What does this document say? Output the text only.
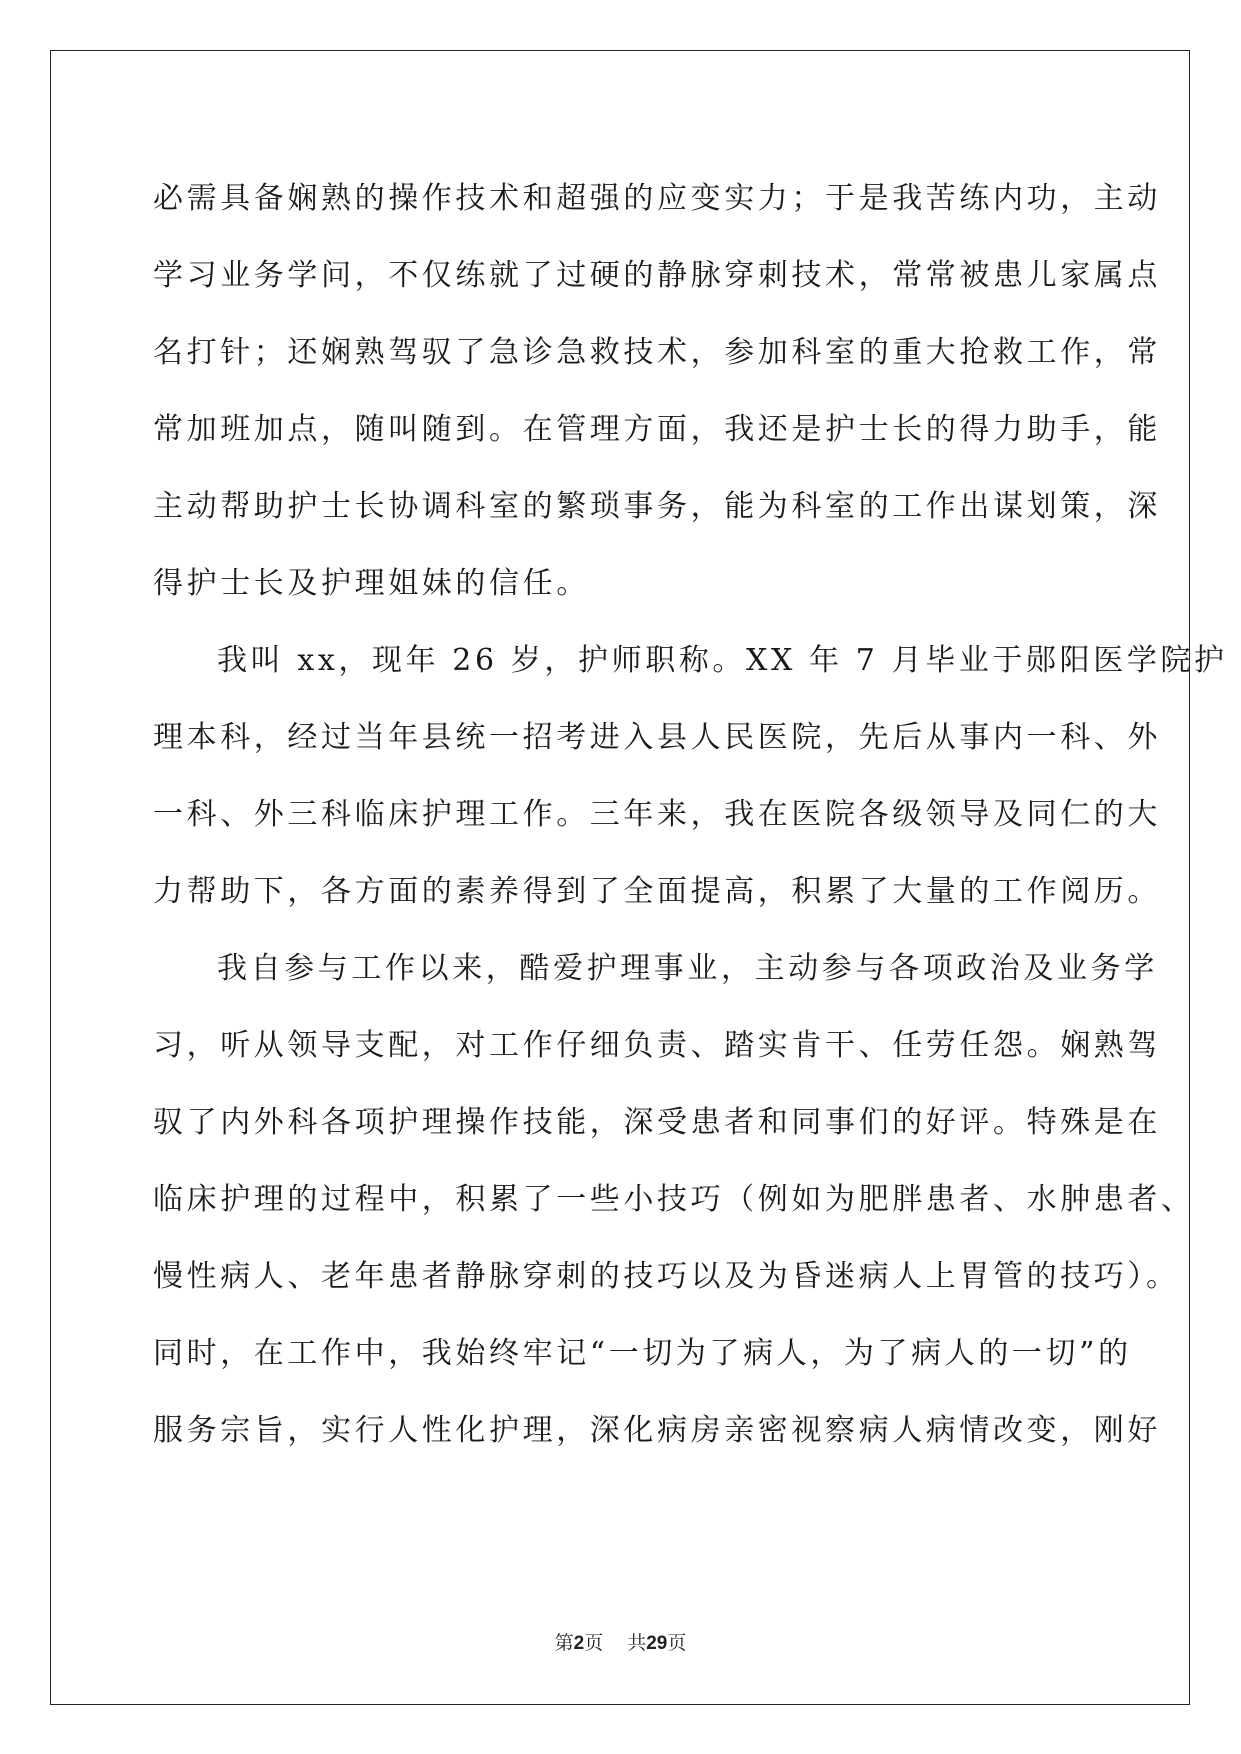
必需具备娴熟的操作技术和超强的应变实力；于是我苦练内功，主动
学习业务学问，不仅练就了过硬的静脉穿刺技术，常常被患儿家属点
名打针；还娴熟驾驭了急诊急救技术，参加科室的重大抢救工作，常
常加班加点，随叫随到。在管理方面，我还是护士长的得力助手，能
主动帮助护士长协调科室的繁琐事务，能为科室的工作出谋划策，深
得护士长及护理姐妹的信任。
我叫 xx，现年 26 岁，护师职称。XX 年 7 月毕业于郧阳医学院护
理本科，经过当年县统一招考进入县人民医院，先后从事内一科、外
一科、外三科临床护理工作。三年来，我在医院各级领导及同仁的大
力帮助下，各方面的素养得到了全面提高，积累了大量的工作阅历。
我自参与工作以来，酷爱护理事业，主动参与各项政治及业务学
习，听从领导支配，对工作仔细负责、踏实肯干、任劳任怨。娴熟驾
驭了内外科各项护理操作技能，深受患者和同事们的好评。特殊是在
临床护理的过程中，积累了一些小技巧（例如为肥胖患者、水肿患者、
慢性病人、老年患者静脉穿刺的技巧以及为昏迷病人上胃管的技巧）。
同时，在工作中，我始终牢记“一切为了病人，为了病人的一切”的
服务宗旨，实行人性化护理，深化病房亲密视察病人病情改变，刚好
第2页 共29页
